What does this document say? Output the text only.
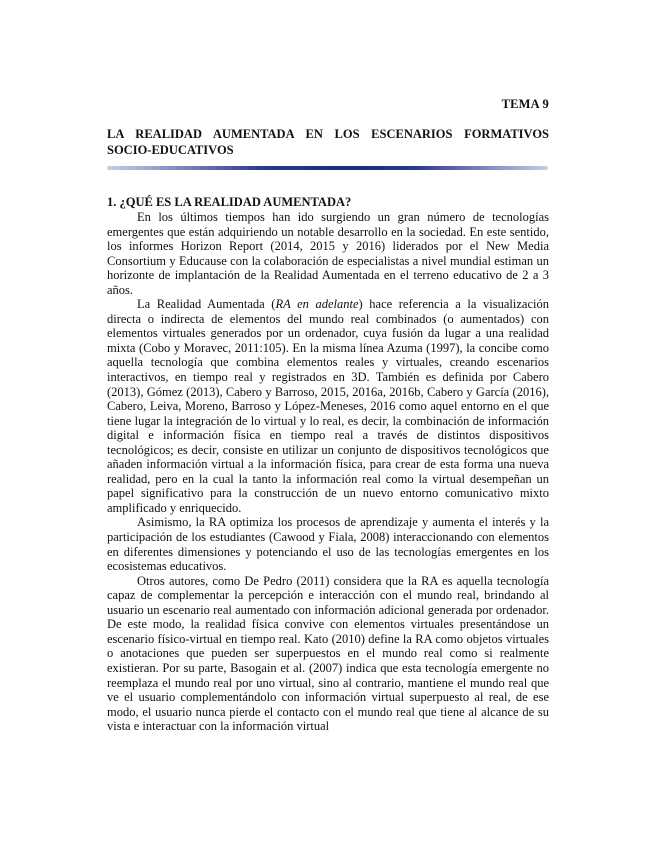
TEMA 9
LA REALIDAD AUMENTADA EN LOS ESCENARIOS FORMATIVOS SOCIO-EDUCATIVOS
1. ¿QUÉ ES LA REALIDAD AUMENTADA?

En los últimos tiempos han ido surgiendo un gran número de tecnologías emergentes que están adquiriendo un notable desarrollo en la sociedad. En este sentido, los informes Horizon Report (2014, 2015 y 2016) liderados por el New Media Consortium y Educause con la colaboración de especialistas a nivel mundial estiman un horizonte de implantación de la Realidad Aumentada en el terreno educativo de 2 a 3 años.

La Realidad Aumentada (RA en adelante) hace referencia a la visualización directa o indirecta de elementos del mundo real combinados (o aumentados) con elementos virtuales generados por un ordenador, cuya fusión da lugar a una realidad mixta (Cobo y Moravec, 2011:105). En la misma línea Azuma (1997), la concibe como aquella tecnología que combina elementos reales y virtuales, creando escenarios interactivos, en tiempo real y registrados en 3D. También es definida por Cabero (2013), Gómez (2013), Cabero y Barroso, 2015, 2016a, 2016b, Cabero y García (2016), Cabero, Leiva, Moreno, Barroso y López-Meneses, 2016 como aquel entorno en el que tiene lugar la integración de lo virtual y lo real, es decir, la combinación de información digital e información física en tiempo real a través de distintos dispositivos tecnológicos; es decir, consiste en utilizar un conjunto de dispositivos tecnológicos que añaden información virtual a la información física, para crear de esta forma una nueva realidad, pero en la cual la tanto la información real como la virtual desempeñan un papel significativo para la construcción de un nuevo entorno comunicativo mixto amplificado y enriquecido.

Asimismo, la RA optimiza los procesos de aprendizaje y aumenta el interés y la participación de los estudiantes (Cawood y Fiala, 2008) interaccionando con elementos en diferentes dimensiones y potenciando el uso de las tecnologías emergentes en los ecosistemas educativos.

Otros autores, como De Pedro (2011) considera que la RA es aquella tecnología capaz de complementar la percepción e interacción con el mundo real, brindando al usuario un escenario real aumentado con información adicional generada por ordenador. De este modo, la realidad física convive con elementos virtuales presentándose un escenario físico-virtual en tiempo real. Kato (2010) define la RA como objetos virtuales o anotaciones que pueden ser superpuestos en el mundo real como si realmente existieran. Por su parte, Basogain et al. (2007) indica que esta tecnología emergente no reemplaza el mundo real por uno virtual, sino al contrario, mantiene el mundo real que ve el usuario complementándolo con información virtual superpuesto al real, de ese modo, el usuario nunca pierde el contacto con el mundo real que tiene al alcance de su vista e interactuar con la información virtual
